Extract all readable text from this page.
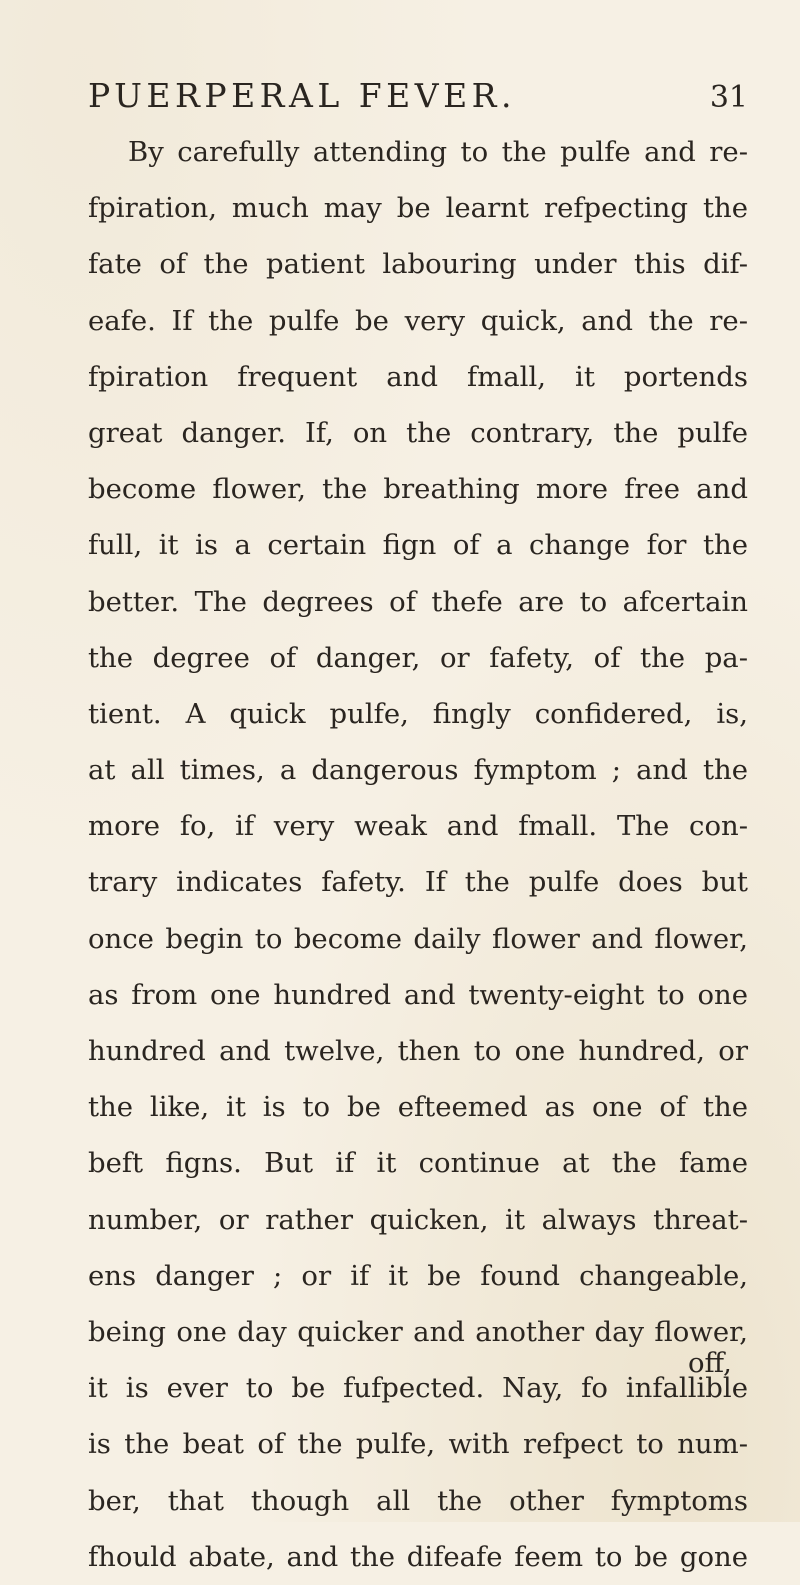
PUERPERAL FEVER.	31
By carefully attending to the pulfe and re-
fpiration, much may be learnt refpecting the
fate of the patient labouring under this dif-
eafe. If the pulfe be very quick, and the re-
fpiration frequent and fmall, it portends
great danger. If, on the contrary, the pulfe
become flower, the breathing more free and
full, it is a certain fign of a change for the
better. The degrees of thefe are to afcertain
the degree of danger, or fafety, of the pa-
tient. A quick pulfe, fingly confidered, is,
at all times, a dangerous fymptom ; and the
more fo, if very weak and fmall. The con-
trary indicates fafety. If the pulfe does but
once begin to become daily flower and flower,
as from one hundred and twenty-eight to one
hundred and twelve, then to one hundred, or
the like, it is to be efteemed as one of the
beft figns. But if it continue at the fame
number, or rather quicken, it always threat-
ens danger ; or if it be found changeable,
being one day quicker and another day flower,
it is ever to be fufpected. Nay, fo infallible
is the beat of the pulfe, with refpect to num-
ber, that though all the other fymptoms
fhould abate, and the difeafe feem to be gone
off,
